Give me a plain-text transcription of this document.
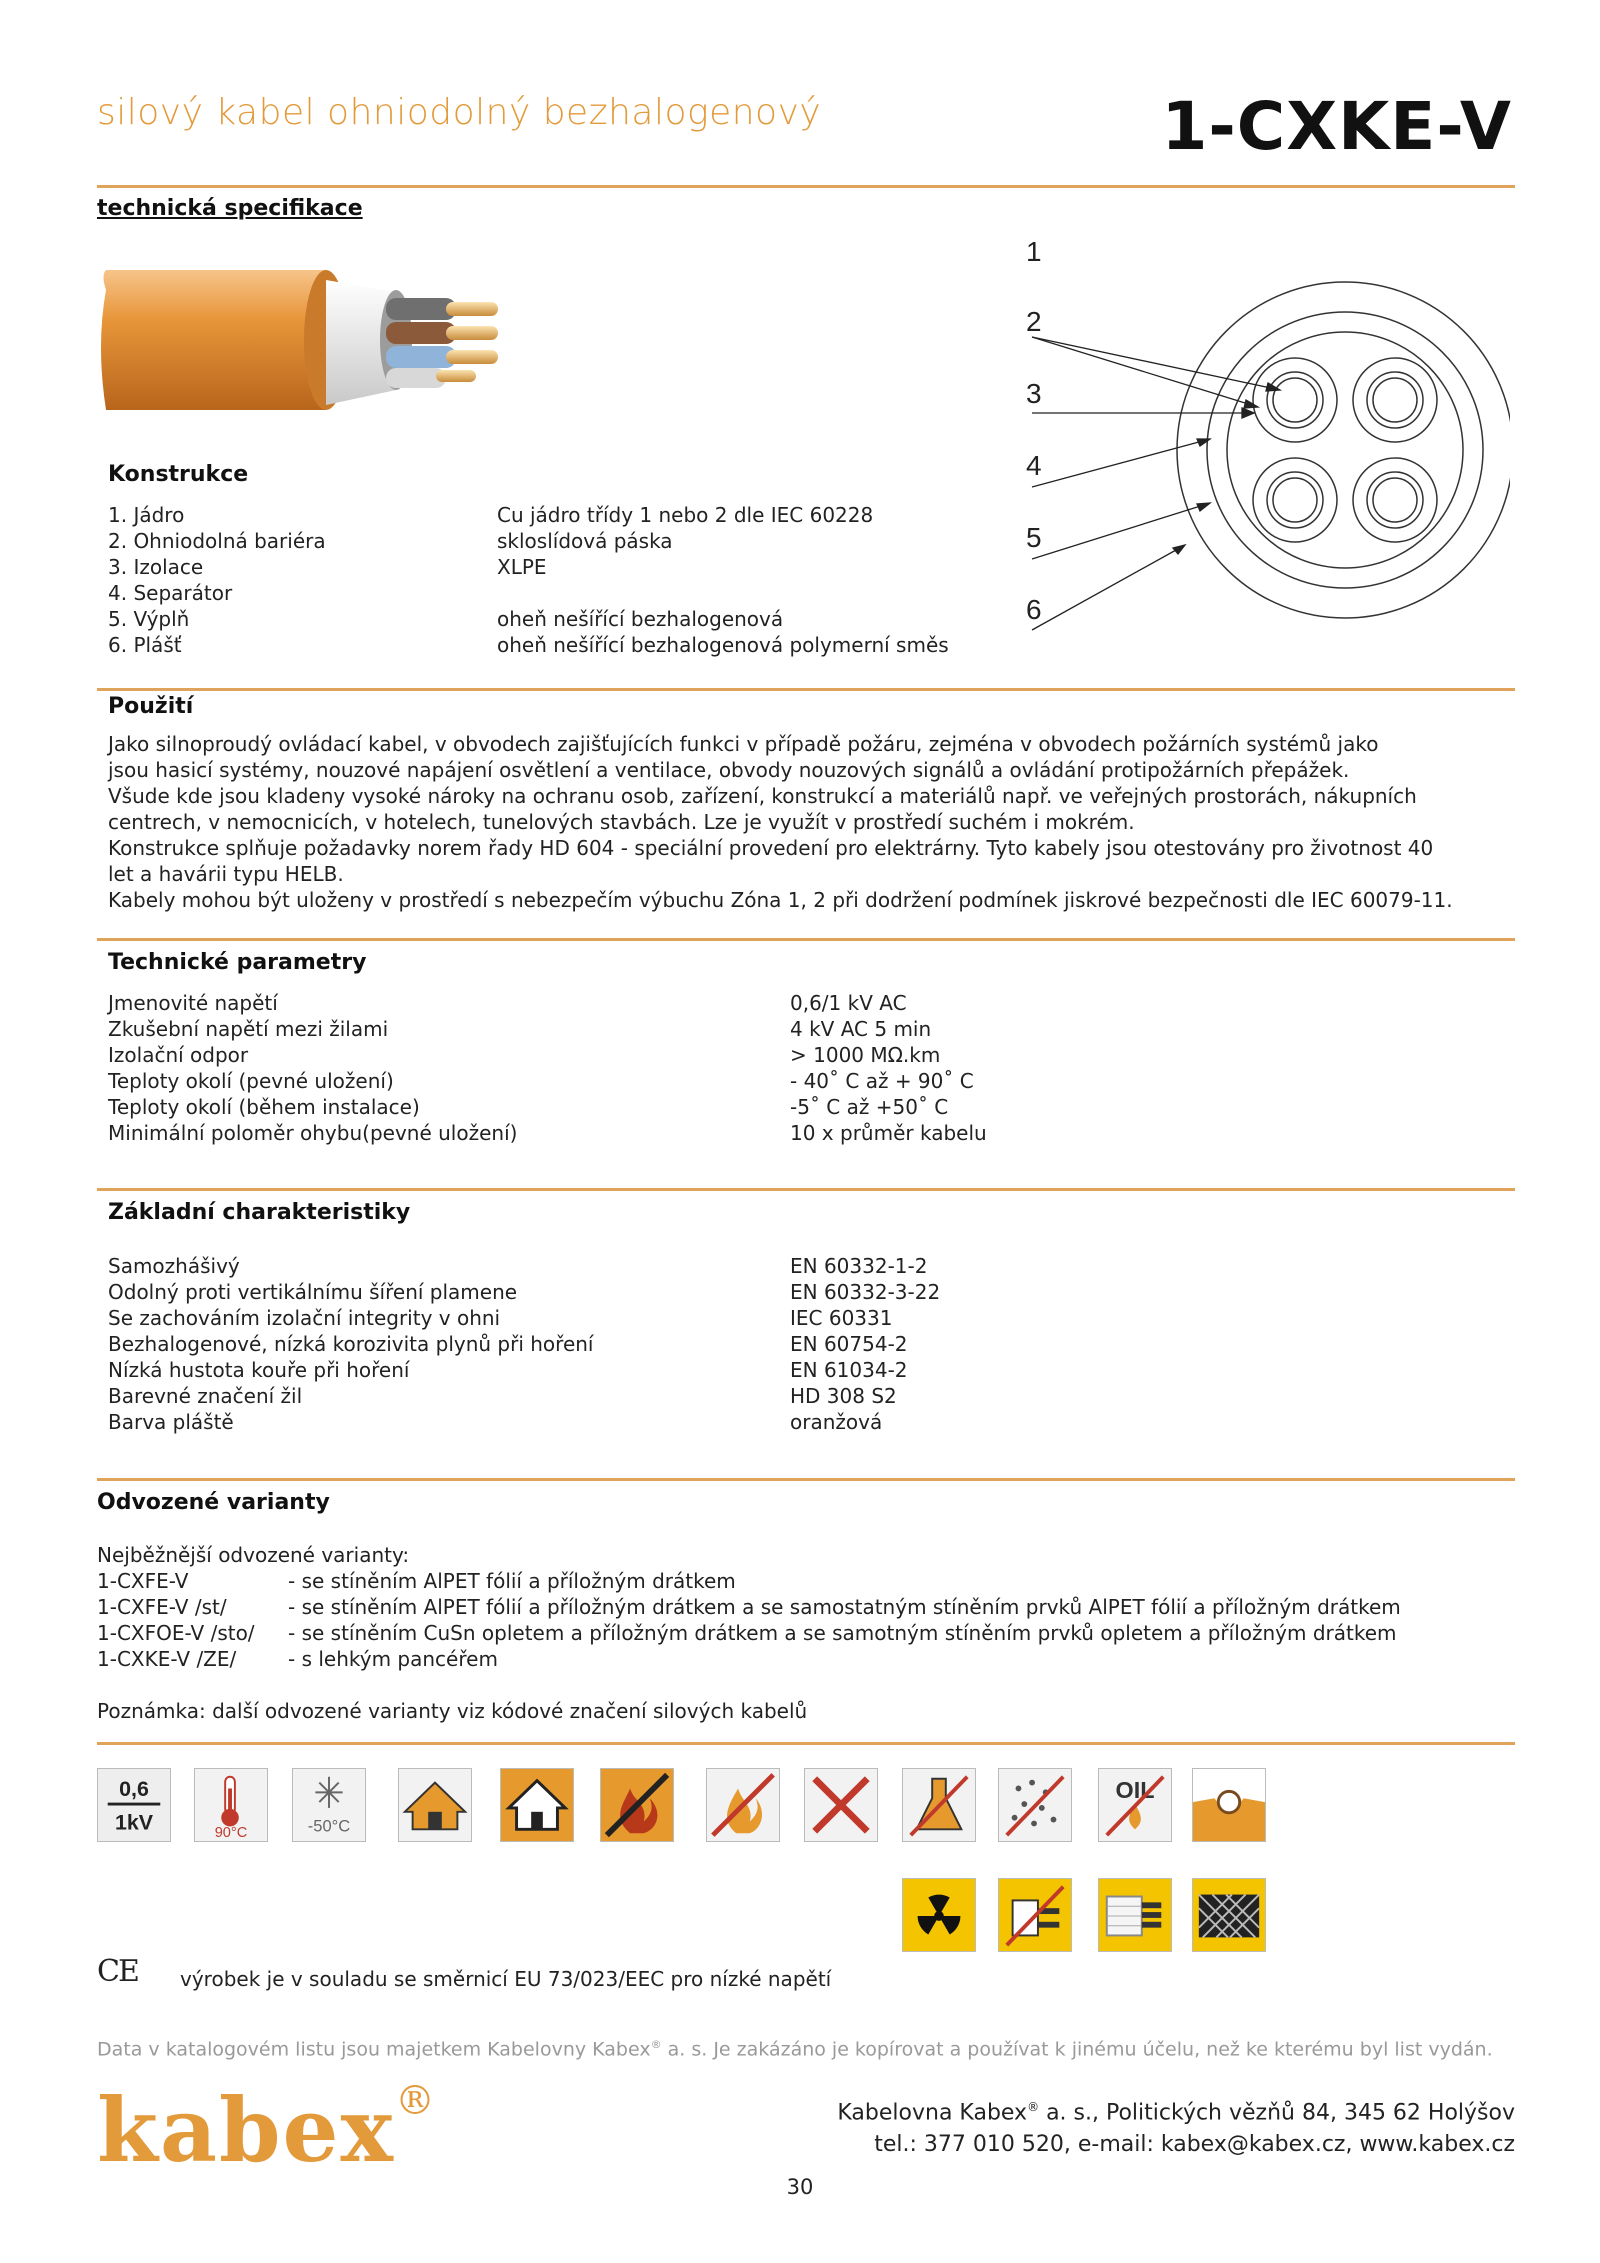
silový kabel ohniodolný bezhalogenový	1-CXKE-V
technická specifikace
1
2
3
4
5
6
Konstrukce
1. Jádro	Cu jádro třídy 1 nebo 2 dle IEC 60228
2. Ohniodolná bariéra	skloslídová páska
3. Izolace	XLPE
4. Separátor
5. Výplň	oheň nešířící bezhalogenová
6. Plášť	oheň nešířící bezhalogenová polymerní směs
Použití
Jako silnoproudý ovládací kabel, v obvodech zajišťujících funkci v případě požáru, zejména v obvodech požárních systémů jako
jsou hasicí systémy, nouzové napájení osvětlení a ventilace, obvody nouzových signálů a ovládání protipožárních přepážek.
Všude kde jsou kladeny vysoké nároky na ochranu osob, zařízení, konstrukcí a materiálů např. ve veřejných prostorách, nákupních
centrech, v nemocnicích, v hotelech, tunelových stavbách. Lze je využít v prostředí suchém i mokrém.
Konstrukce splňuje požadavky norem řady HD 604 - speciální provedení pro elektrárny. Tyto kabely jsou otestovány pro životnost 40
let a havárii typu HELB.
Kabely mohou být uloženy v prostředí s nebezpečím výbuchu Zóna 1, 2 při dodržení podmínek jiskrové bezpečnosti dle IEC 60079-11.
Technické parametry
Jmenovité napětí	0,6/1 kV AC
Zkušební napětí mezi žilami	4 kV AC 5 min
Izolační odpor	> 1000 MΩ.km
Teploty okolí (pevné uložení)	- 40˚ C až + 90˚ C
Teploty okolí (během instalace)	-5˚ C až +50˚ C
Minimální poloměr ohybu(pevné uložení)	10 x průměr kabelu
Základní charakteristiky
Samozhášivý	EN 60332-1-2
Odolný proti vertikálnímu šíření plamene	EN 60332-3-22
Se zachováním izolační integrity v ohni	IEC 60331
Bezhalogenové, nízká korozivita plynů při hoření	EN 60754-2
Nízká hustota kouře při hoření	EN 61034-2
Barevné značení žil	HD 308 S2
Barva pláště	oranžová
Odvozené varianty
Nejběžnější odvozené varianty:
1-CXFE-V	- se stíněním AlPET fólií a příložným drátkem
1-CXFE-V /st/	- se stíněním AlPET fólií a příložným drátkem a se samostatným stíněním prvků AlPET fólií a příložným drátkem
1-CXFOE-V /sto/ - se stíněním CuSn opletem a příložným drátkem a se samotným stíněním prvků opletem a příložným drátkem
1-CXKE-V /ZE/	- s lehkým pancéřem
Poznámka: další odvozené varianty viz kódové značení silových kabelů
0,6
1kV	90°C	-50°C
OIL
CE výrobek je v souladu se směrnicí EU 73/023/EEC pro nízké napětí
Data v katalogovém listu jsou majetkem Kabelovny Kabex® a. s. Je zakázáno je kopírovat a používat k jinému účelu, než ke kterému byl list vydán.
kabex®	Kabelovna Kabex® a. s., Politických vězňů 84, 345 62 Holýšov
tel.: 377 010 520, e-mail: kabex@kabex.cz, www.kabex.cz
30
